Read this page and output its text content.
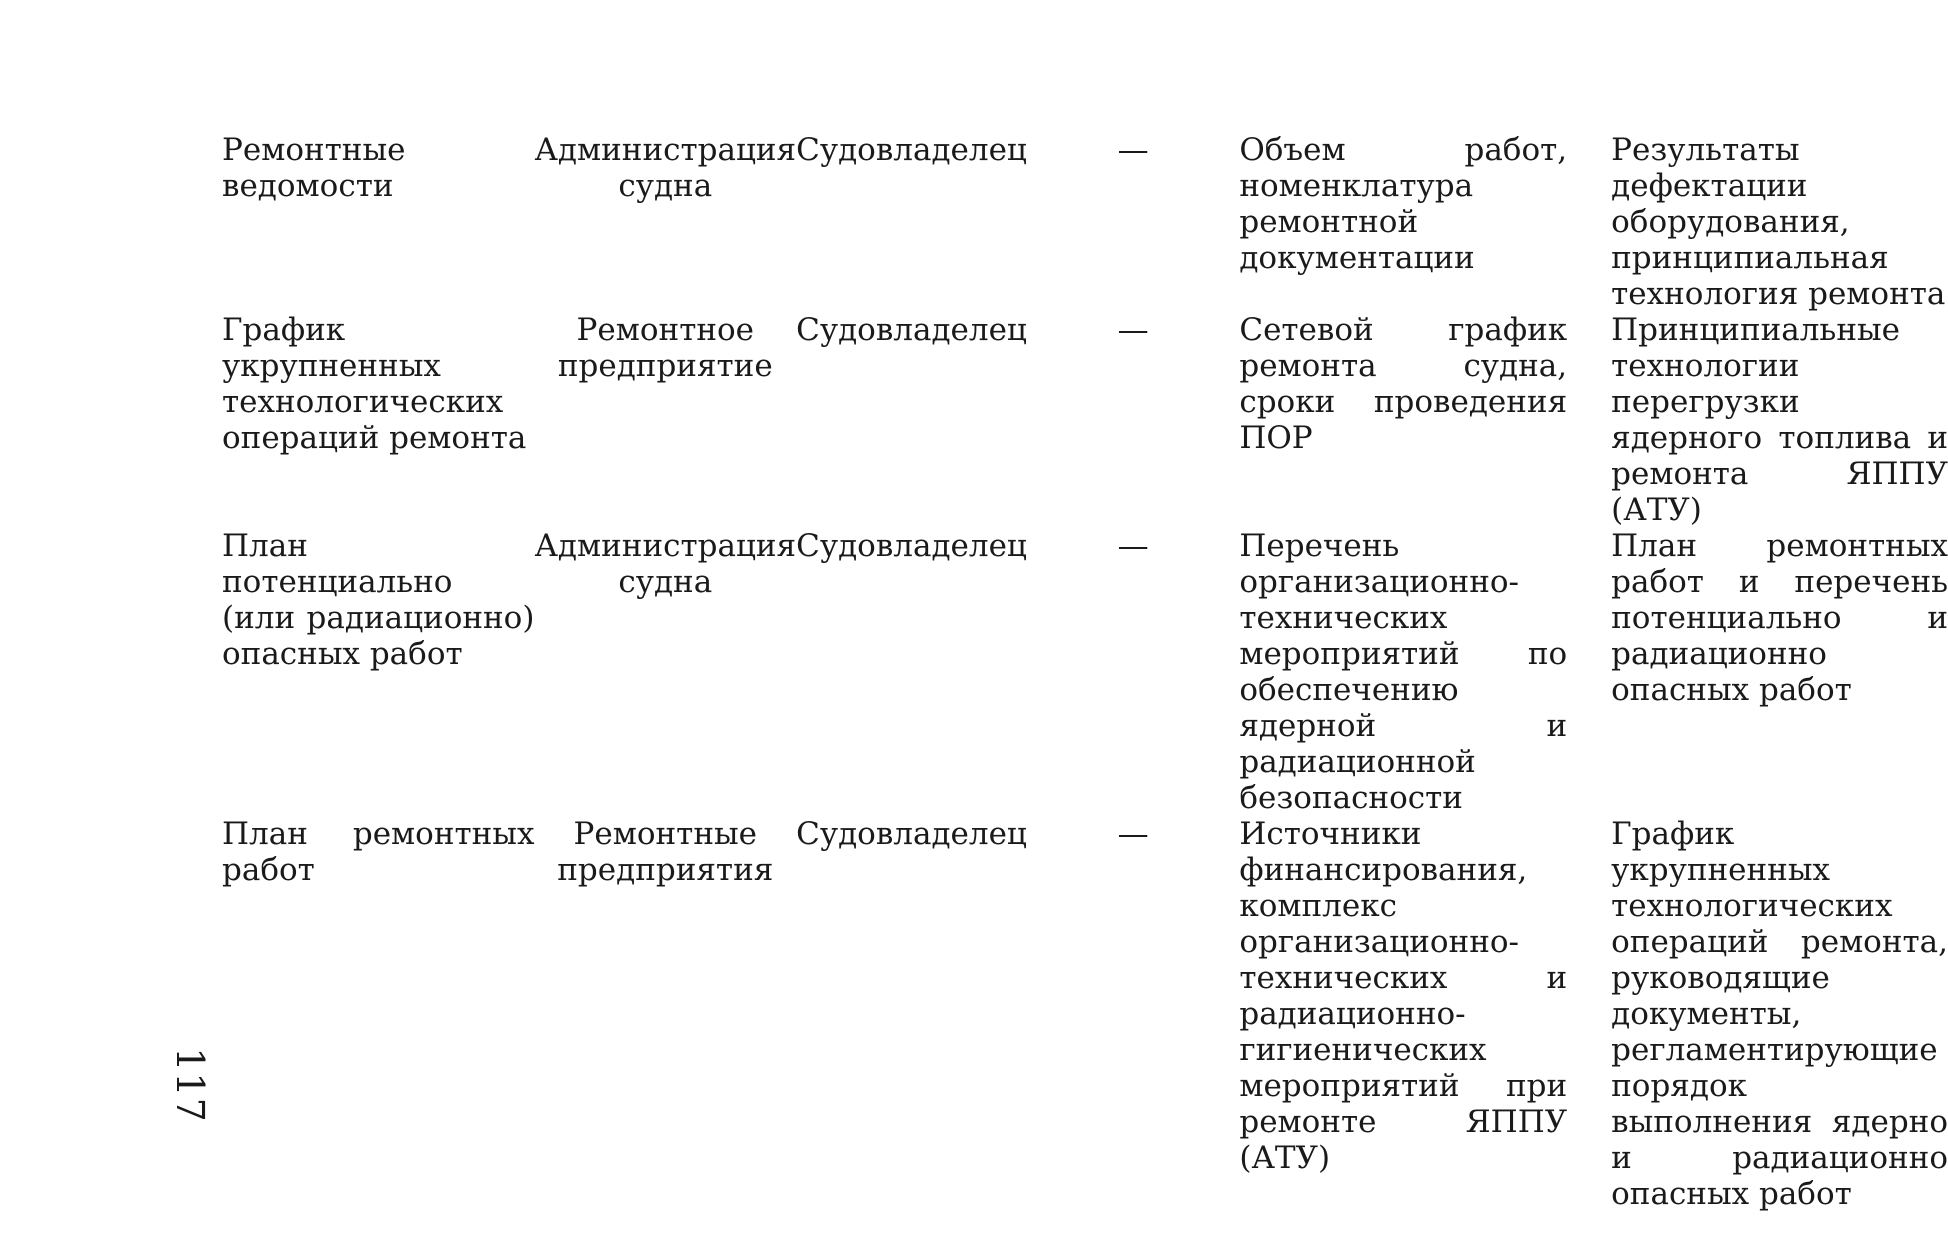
Ремонтные ведомости	Администрация судна	Судовладелец	—	Объем работ, номенклатура ремонтной документации	Результаты дефектации оборудования, принципиальная технология ремонта
График укрупненных технологических операций ремонта	Ремонтное предприятие	Судовладелец	—	Сетевой график ремонта судна, сроки проведения ПОР	Принципиальные технологии перегрузки ядерного топлива и ремонта ЯППУ (АТУ)
План потенциально (или радиационно) опасных работ	Администрация судна	Судовладелец	—	Перечень организационно-технических мероприятий по обеспечению ядерной и радиационной безопасности	План ремонтных работ и перечень потенциально и радиационно опасных работ
План ремонтных работ	Ремонтные предприятия	Судовладелец	—	Источники финансирования, комплекс организационно-технических и радиационно-гигиенических мероприятий при ремонте ЯППУ (АТУ)	График укрупненных технологических операций ремонта, руководящие документы, регламентирующие порядок выполнения ядерно и радиационно опасных работ
117
